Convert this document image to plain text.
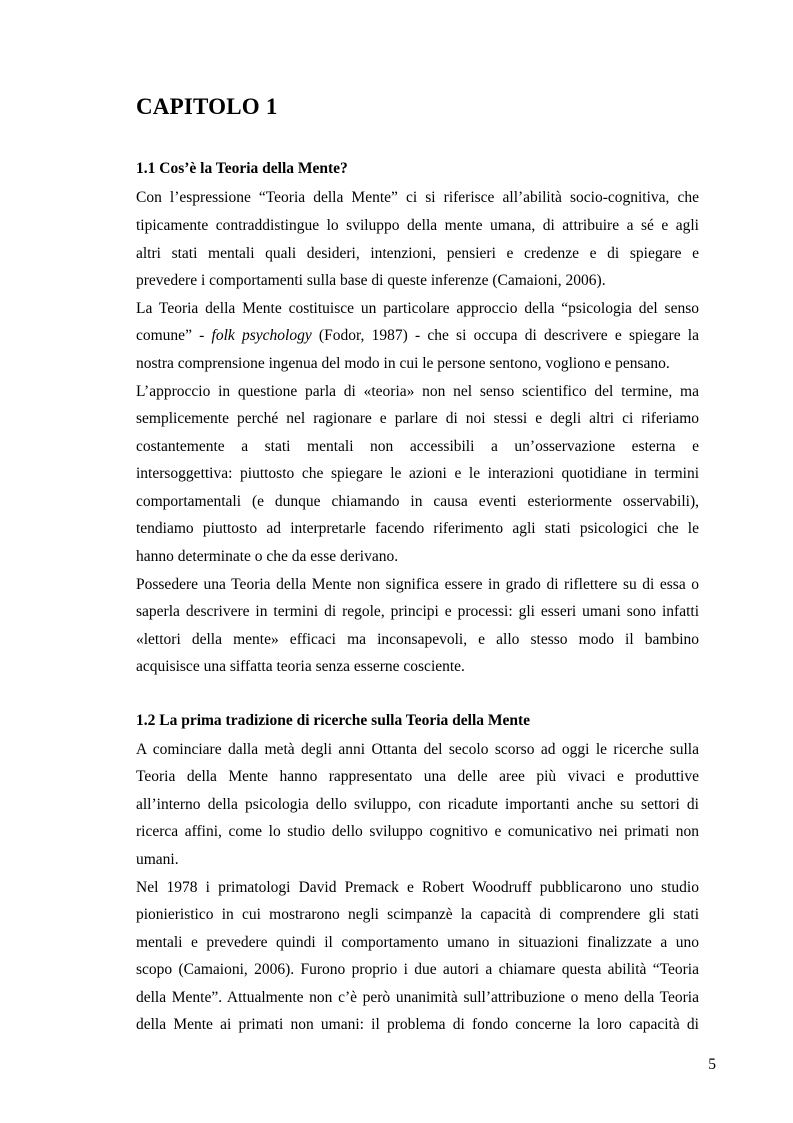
CAPITOLO 1
1.1 Cos’è la Teoria della Mente?

Con l’espressione “Teoria della Mente” ci si riferisce all’abilità socio-cognitiva, che

tipicamente contraddistingue lo sviluppo della mente umana, di attribuire a sé e agli

altri stati mentali quali desideri, intenzioni, pensieri e credenze e di spiegare e

prevedere i comportamenti sulla base di queste inferenze (Camaioni, 2006).

La Teoria della Mente costituisce un particolare approccio della “psicologia del senso

comune” - folk psychology (Fodor, 1987) - che si occupa di descrivere e spiegare la

nostra comprensione ingenua del modo in cui le persone sentono, vogliono e pensano.

L’approccio in questione parla di «teoria» non nel senso scientifico del termine, ma

semplicemente perché nel ragionare e parlare di noi stessi e degli altri ci riferiamo

costantemente a stati mentali non accessibili a un’osservazione esterna e

intersoggettiva: piuttosto che spiegare le azioni e le interazioni quotidiane in termini

comportamentali (e dunque chiamando in causa eventi esteriormente osservabili),

tendiamo piuttosto ad interpretarle facendo riferimento agli stati psicologici che le

hanno determinate o che da esse derivano.

Possedere una Teoria della Mente non significa essere in grado di riflettere su di essa o

saperla descrivere in termini di regole, principi e processi: gli esseri umani sono infatti

«lettori della mente» efficaci ma inconsapevoli, e allo stesso modo il bambino

acquisisce una siffatta teoria senza esserne cosciente.

1.2 La prima tradizione di ricerche sulla Teoria della Mente

A cominciare dalla metà degli anni Ottanta del secolo scorso ad oggi le ricerche sulla

Teoria della Mente hanno rappresentato una delle aree più vivaci e produttive

all’interno della psicologia dello sviluppo, con ricadute importanti anche su settori di

ricerca affini, come lo studio dello sviluppo cognitivo e comunicativo nei primati non

umani.

Nel 1978 i primatologi David Premack e Robert Woodruff pubblicarono uno studio

pionieristico in cui mostrarono negli scimpanzè la capacità di comprendere gli stati

mentali e prevedere quindi il comportamento umano in situazioni finalizzate a uno

scopo (Camaioni, 2006). Furono proprio i due autori a chiamare questa abilità “Teoria

della Mente”. Attualmente non c’è però unanimità sull’attribuzione o meno della Teoria

della Mente ai primati non umani: il problema di fondo concerne la loro capacità di

5
